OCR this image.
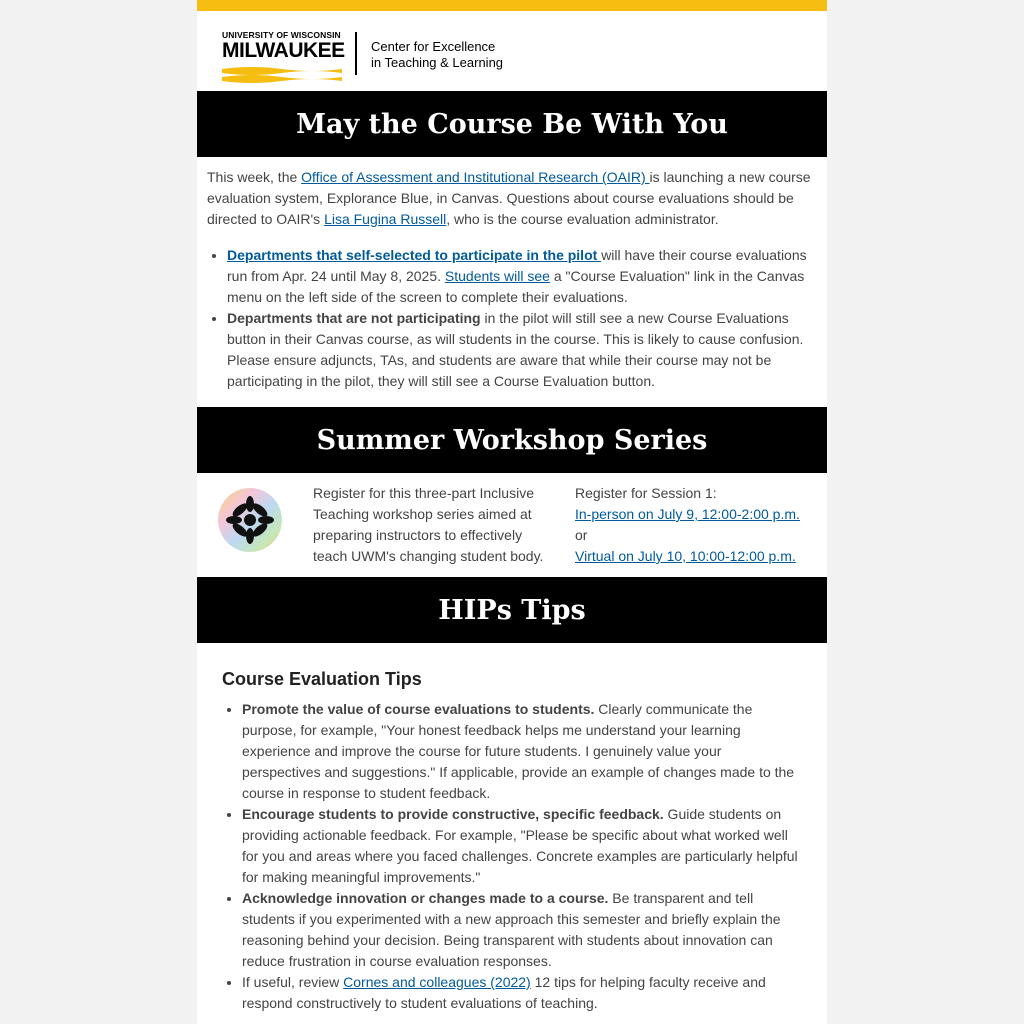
UNIVERSITY OF WISCONSIN
MILWAUKEE Center for Excellence
in Teaching & Learning
May the Course Be With You

This week, the Office of Assessment and Institutional Research (OAIR) is launching a new course evaluation system, Explorance Blue, in Canvas. Questions about course evaluations should be directed to OAIR's Lisa Fugina Russell, who is the course evaluation administrator.

• Departments that self-selected to participate in the pilot will have their course evaluations run from Apr. 24 until May 8, 2025. Students will see a "Course Evaluation" link in the Canvas menu on the left side of the screen to complete their evaluations.
• Departments that are not participating in the pilot will still see a new Course Evaluations button in their Canvas course, as will students in the course. This is likely to cause confusion. Please ensure adjuncts, TAs, and students are aware that while their course may not be participating in the pilot, they will still see a Course Evaluation button.
Summer Workshop Series
Register for this three-part Inclusive Teaching workshop series aimed at preparing instructors to effectively teach UWM's changing student body.
Register for Session 1:
In-person on July 9, 12:00-2:00 p.m.
or
Virtual on July 10, 10:00-12:00 p.m.
HIPs Tips
Course Evaluation Tips
• Promote the value of course evaluations to students. Clearly communicate the purpose, for example, "Your honest feedback helps me understand your learning experience and improve the course for future students. I genuinely value your perspectives and suggestions." If applicable, provide an example of changes made to the course in response to student feedback.
• Encourage students to provide constructive, specific feedback. Guide students on providing actionable feedback. For example, "Please be specific about what worked well for you and areas where you faced challenges. Concrete examples are particularly helpful for making meaningful improvements."
• Acknowledge innovation or changes made to a course. Be transparent and tell students if you experimented with a new approach this semester and briefly explain the reasoning behind your decision. Being transparent with students about innovation can reduce frustration in course evaluation responses.
• If useful, review Cornes and colleagues (2022) 12 tips for helping faculty receive and respond constructively to student evaluations of teaching.
